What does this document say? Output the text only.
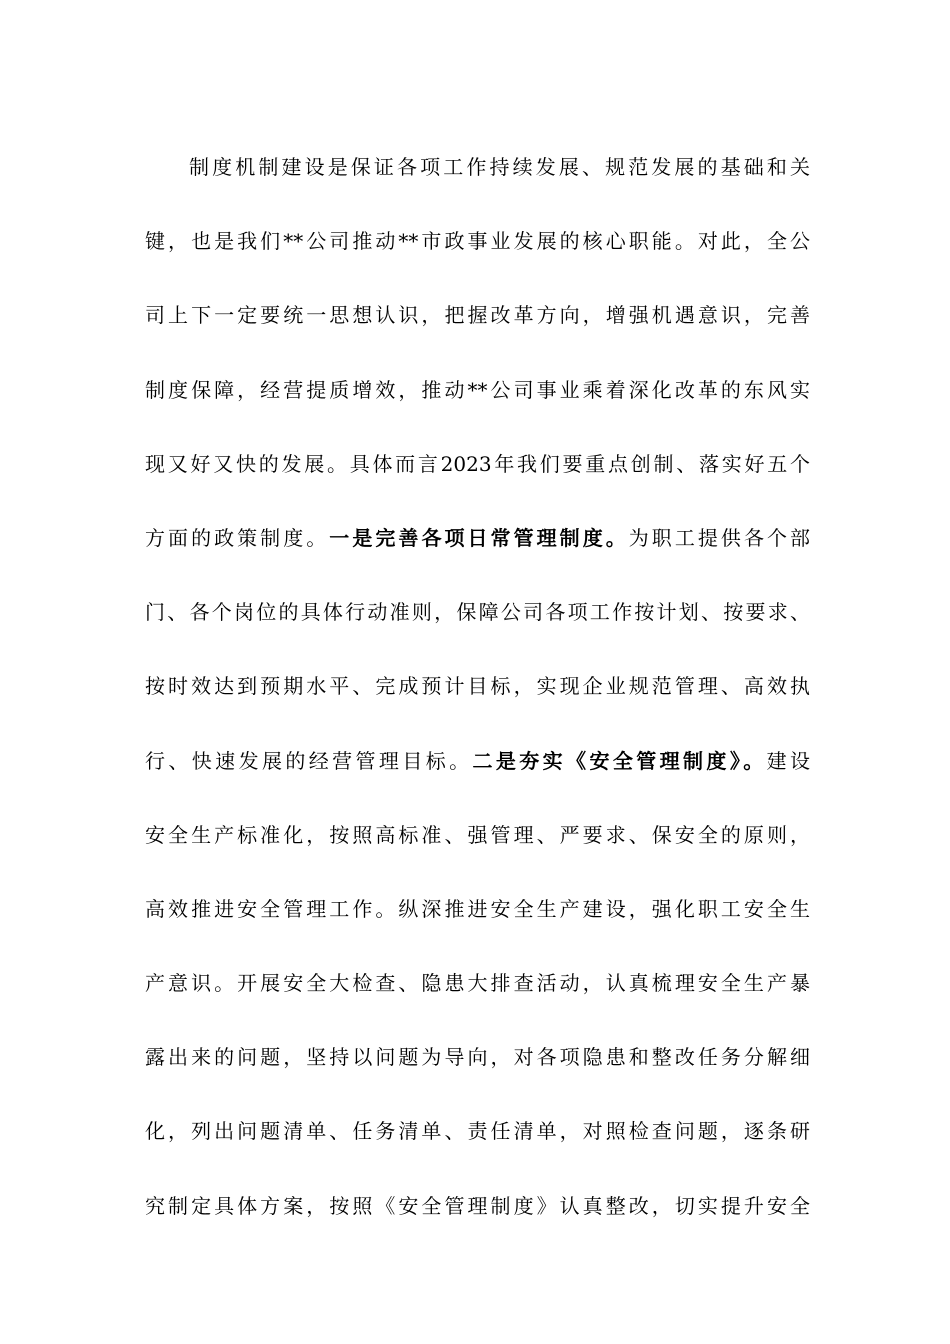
制度机制建设是保证各项工作持续发展、规范发展的基础和关
键，也是我们**公司推动**市政事业发展的核心职能。对此，全公
司上下一定要统一思想认识，把握改革方向，增强机遇意识，完善
制度保障，经营提质增效，推动**公司事业乘着深化改革的东风实
现又好又快的发展。具体而言2023年我们要重点创制、落实好五个
方面的政策制度。一是完善各项日常管理制度。为职工提供各个部
门、各个岗位的具体行动准则，保障公司各项工作按计划、按要求、
按时效达到预期水平、完成预计目标，实现企业规范管理、高效执
行、快速发展的经营管理目标。二是夯实《安全管理制度》。建设
安全生产标准化，按照高标准、强管理、严要求、保安全的原则，
高效推进安全管理工作。纵深推进安全生产建设，强化职工安全生
产意识。开展安全大检查、隐患大排查活动，认真梳理安全生产暴
露出来的问题，坚持以问题为导向，对各项隐患和整改任务分解细
化，列出问题清单、任务清单、责任清单，对照检查问题，逐条研
究制定具体方案，按照《安全管理制度》认真整改，切实提升安全
